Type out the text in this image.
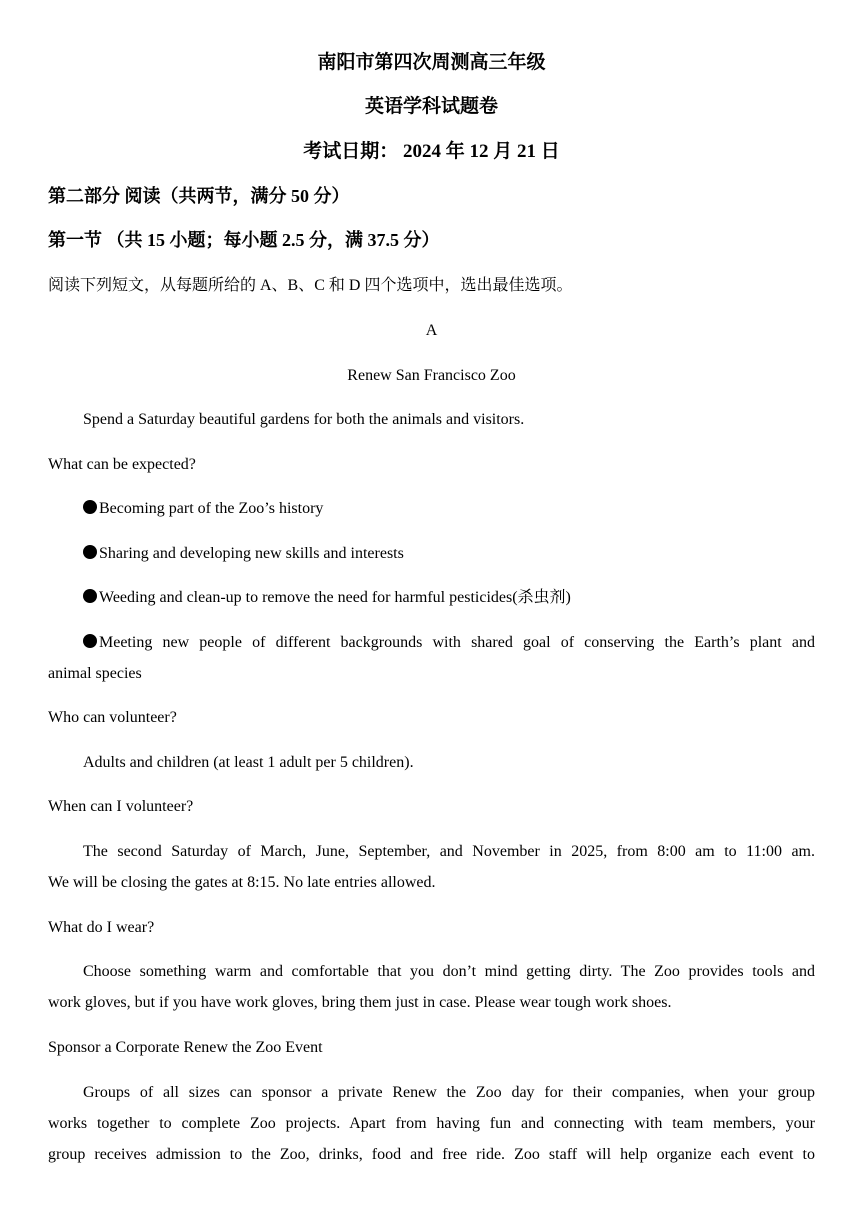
南阳市第四次周测高三年级
英语学科试题卷
考试日期： 2024 年 12 月 21 日
第二部分 阅读（共两节，满分 50 分）
第一节 （共 15 小题；每小题 2.5 分，满 37.5 分）
阅读下列短文，从每题所给的 A、B、C 和 D 四个选项中，选出最佳选项。
A
Renew San Francisco Zoo
Spend a Saturday beautiful gardens for both the animals and visitors.
What can be expected?
Becoming part of the Zoo’s history
Sharing and developing new skills and interests
Weeding and clean-up to remove the need for harmful pesticides(杀虫剂)
Meeting new people of different backgrounds with shared goal of conserving the Earth’s plant and
animal species
Who can volunteer?
Adults and children (at least 1 adult per 5 children).
When can I volunteer?
The second Saturday of March, June, September, and November in 2025, from 8:00 am to 11:00 am.
We will be closing the gates at 8:15. No late entries allowed.
What do I wear?
Choose something warm and comfortable that you don’t mind getting dirty. The Zoo provides tools and
work gloves, but if you have work gloves, bring them just in case. Please wear tough work shoes.
Sponsor a Corporate Renew the Zoo Event
Groups of all sizes can sponsor a private Renew the Zoo day for their companies, when your group
works together to complete Zoo projects. Apart from having fun and connecting with team members, your
group receives admission to the Zoo, drinks, food and free ride. Zoo staff will help organize each event to
